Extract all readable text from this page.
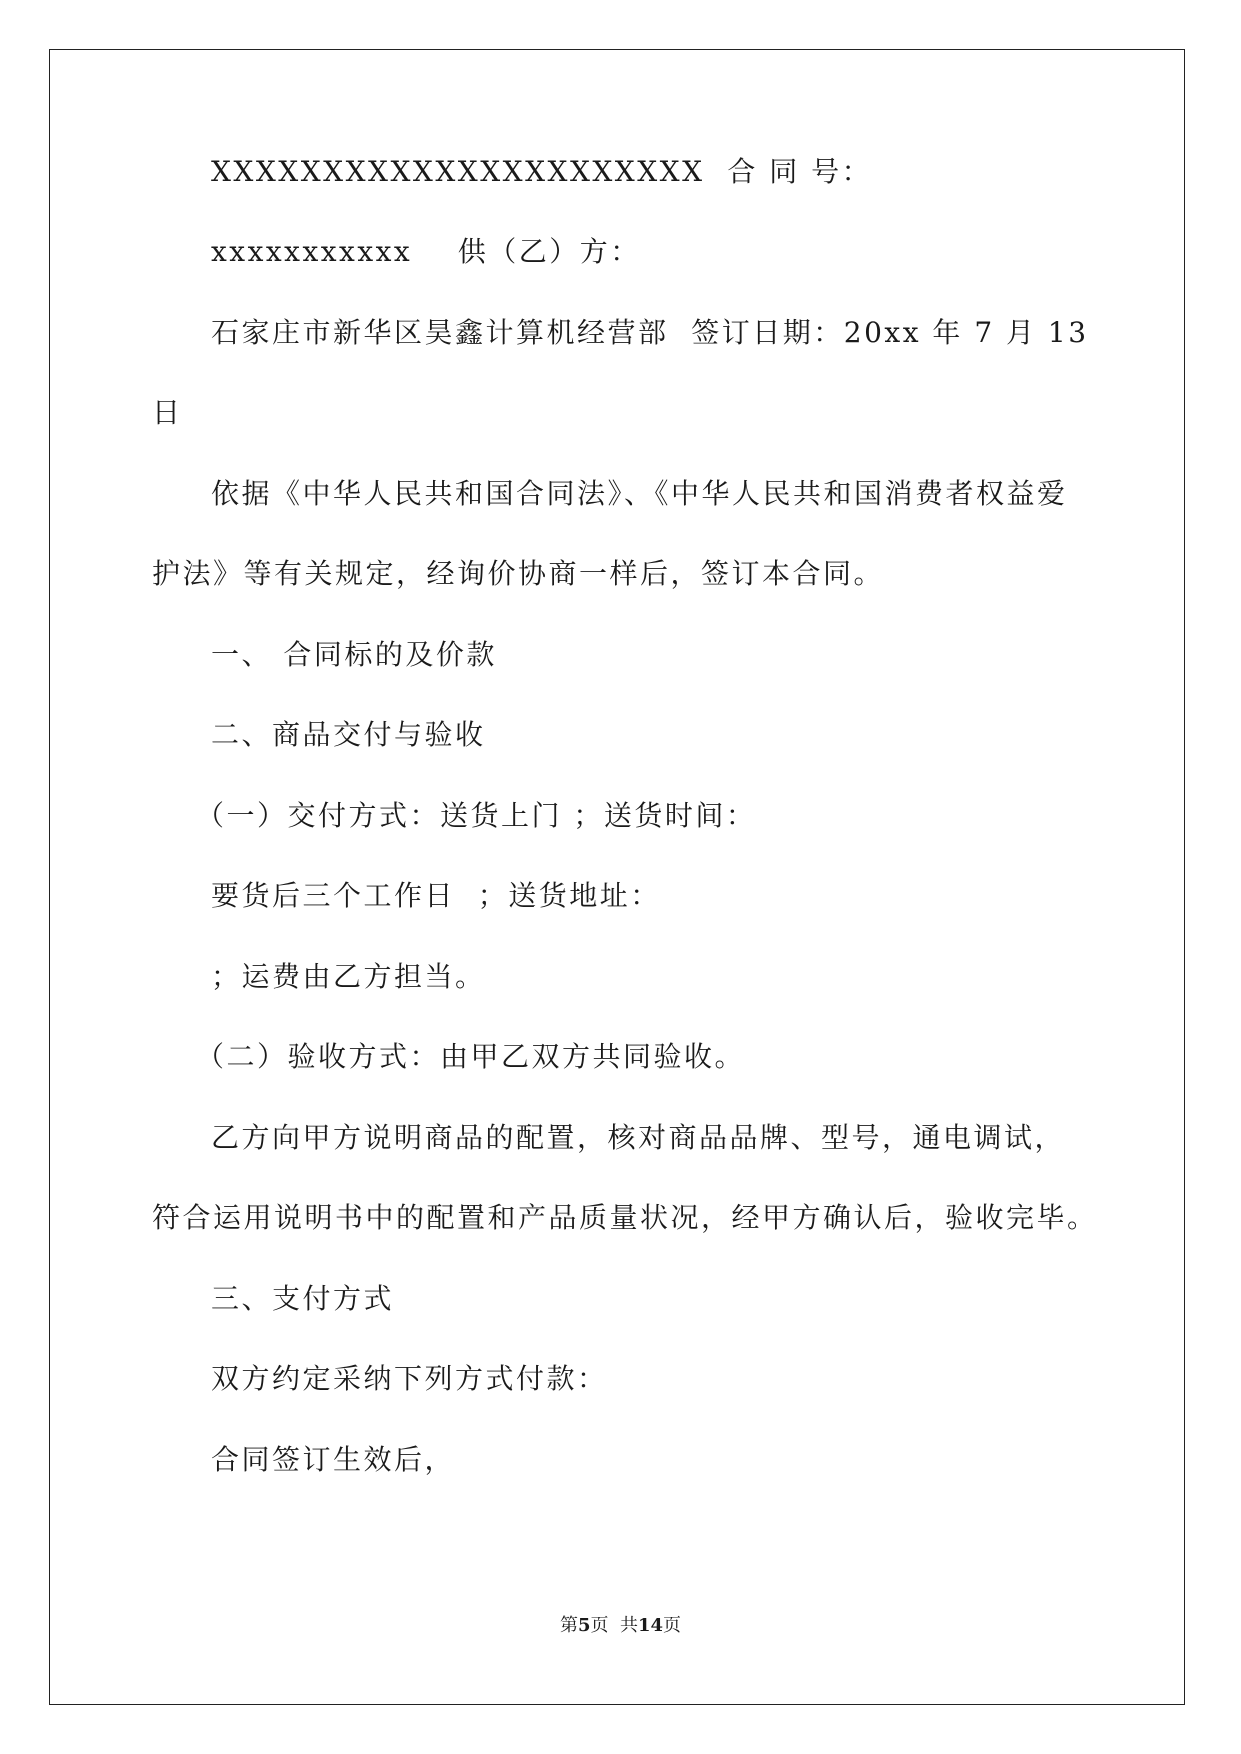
XXXXXXXXXXXXXXXXXXXXXX  合 同 号：

xxxxxxxxxxx    供（乙）方：

石家庄市新华区昊鑫计算机经营部  签订日期：20xx 年 7 月 13

日

依据《中华人民共和国合同法》、《中华人民共和国消费者权益爱

护法》等有关规定，经询价协商一样后，签订本合同。

一、 合同标的及价款

二、商品交付与验收

（一）交付方式：送货上门 ；送货时间：

要货后三个工作日  ；送货地址：

；运费由乙方担当。

（二）验收方式：由甲乙双方共同验收。

乙方向甲方说明商品的配置，核对商品品牌、型号，通电调试，

符合运用说明书中的配置和产品质量状况，经甲方确认后，验收完毕。

三、支付方式

双方约定采纳下列方式付款：

合同签订生效后，

第5页  共14页
